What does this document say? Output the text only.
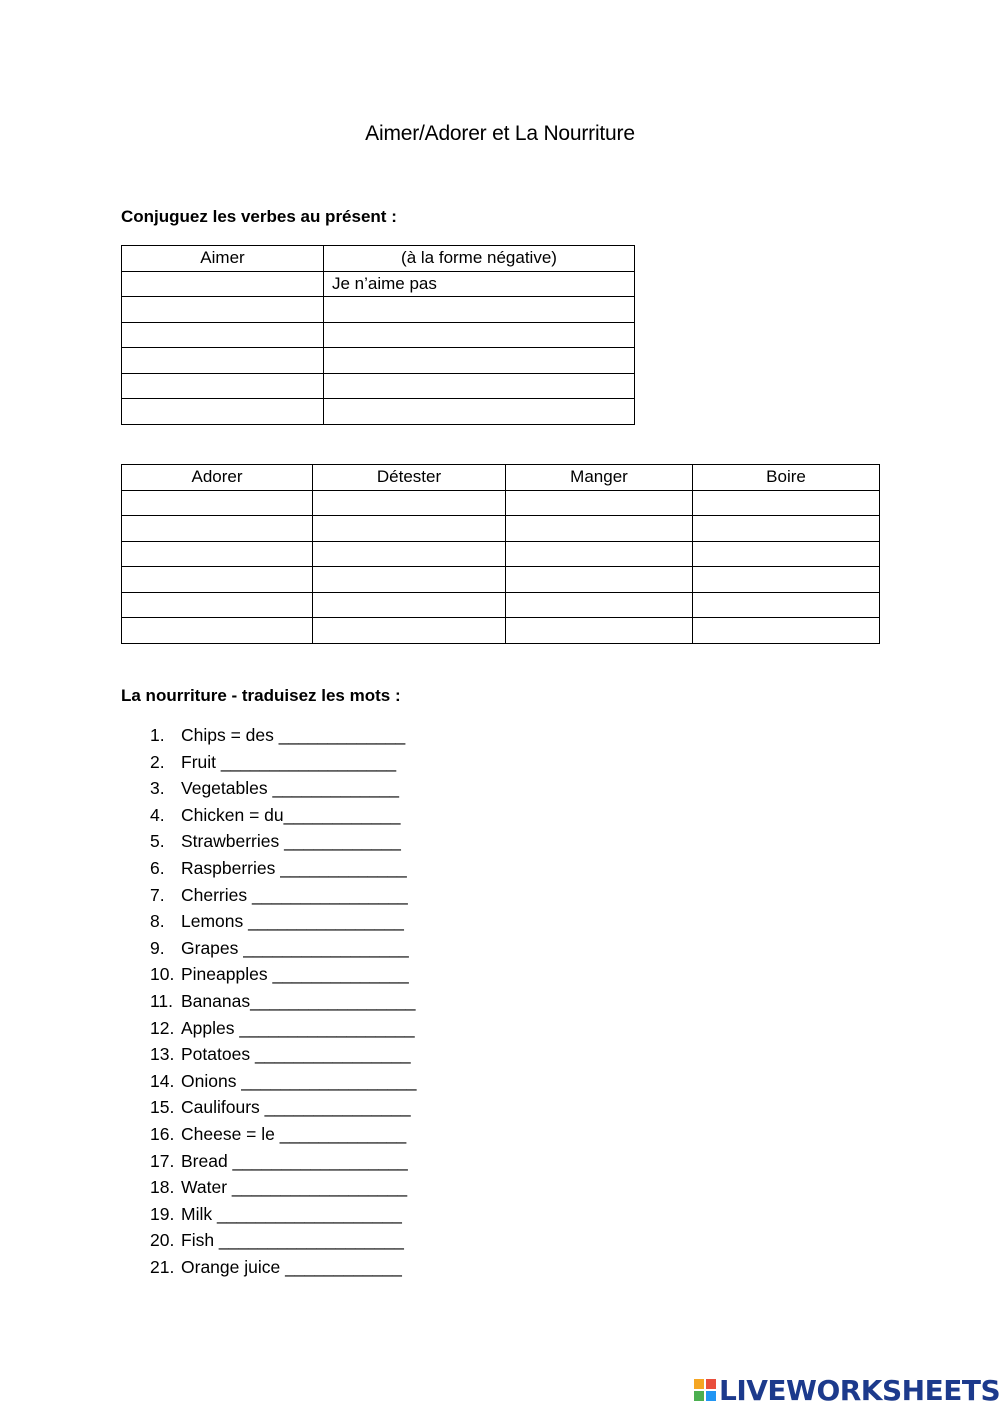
Aimer/Adorer et La Nourriture
Conjuguez les verbes au présent :
Aimer	(à la forme négative)
	Je n’aime pas

Adorer	Détester	Manger	Boire

La nourriture - traduisez les mots :
1. Chips = des _____________
2. Fruit __________________
3. Vegetables _____________
4. Chicken = du____________
5. Strawberries ____________
6. Raspberries _____________
7. Cherries ________________
8. Lemons ________________
9. Grapes _________________
10. Pineapples ______________
11. Bananas_________________
12. Apples __________________
13. Potatoes ________________
14. Onions __________________
15. Caulifours _______________
16. Cheese = le _____________
17. Bread __________________
18. Water __________________
19. Milk ___________________
20. Fish ___________________
21. Orange juice ____________
LIVEWORKSHEETS
